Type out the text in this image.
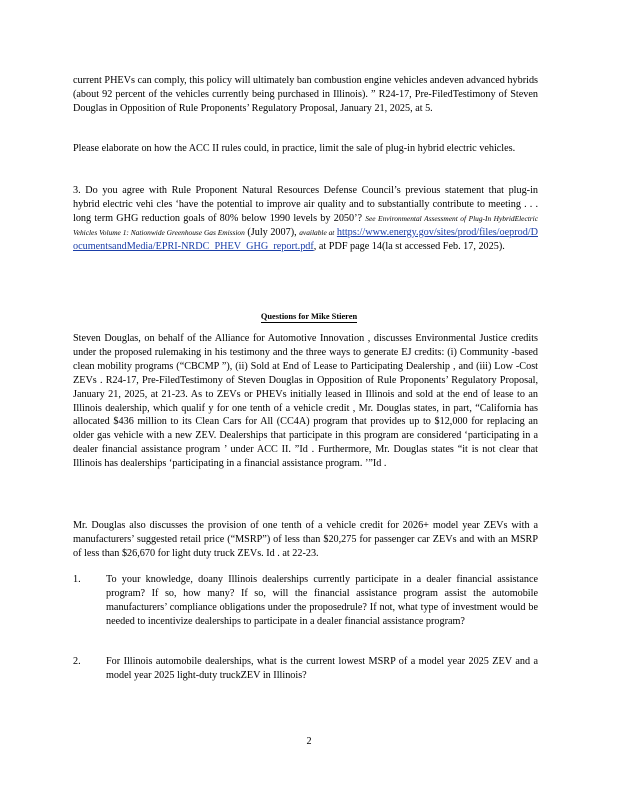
current PHEVs can comply, this policy will ultimately ban combustion engine vehicles andeven advanced hybrids (about 92 percent of the vehicles currently being purchased in Illinois). ” R24-17, Pre-FiledTestimony of Steven Douglas in Opposition of Rule Proponents’ Regulatory Proposal, January 21, 2025, at 5.

Please elaborate on how the ACC II rules could, in practice, limit the sale of plug-in hybrid electric vehicles.

3. Do you agree with Rule Proponent Natural Resources Defense Council’s previous statement that plug-in hybrid electric vehi cles ‘have the potential to improve air quality and to substantially contribute to meeting . . . long term GHG reduction goals of 80% below 1990 levels by 2050’? See Environmental Assessment of Plug-In HybridElectric Vehicles Volume 1: Nationwide Greenhouse Gas Emission (July 2007), available at https://www.energy.gov/sites/prod/files/oeprod/DocumentsandMedia/EPRI-NRDC_PHEV_GHG_report.pdf, at PDF page 14(la st accessed Feb. 17, 2025).

Questions for Mike Stieren

Steven Douglas, on behalf of the Alliance for Automotive Innovation , discusses Environmental Justice credits under the proposed rulemaking in his testimony and the three ways to generate EJ credits: (i) Community -based clean mobility programs (“CBCMP ”), (ii) Sold at End of Lease to Participating Dealership , and (iii) Low -Cost ZEVs . R24-17, Pre-FiledTestimony of Steven Douglas in Opposition of Rule Proponents’ Regulatory Proposal, January 21, 2025, at 21-23. As to ZEVs or PHEVs initially leased in Illinois and sold at the end of lease to an Illinois dealership, which qualif y for one tenth of a vehicle credit , Mr. Douglas states, in part, “California has allocated $436 million to its Clean Cars for All (CC4A) program that provides up to $12,000 for replacing an older gas vehicle with a new ZEV. Dealerships that participate in this program are considered ‘participating in a dealer financial assistance program ’ under ACC II. ”Id . Furthermore, Mr. Douglas states “it is not clear that Illinois has dealerships ‘participating in a financial assistance program. ’”Id .

Mr. Douglas also discusses the provision of one tenth of a vehicle credit for 2026+ model year ZEVs with a manufacturers’ suggested retail price (“MSRP”) of less than $20,275 for passenger car ZEVs and with an MSRP of less than $26,670 for light duty truck ZEVs. Id . at 22-23.

1.	To your knowledge, doany Illinois dealerships currently participate in a dealer financial assistance program? If so, how many? If so, will the financial assistance program assist the automobile manufacturers’ compliance obligations under the proposedrule? If not, what type of investment would be needed to incentivize dealerships to participate in a dealer financial assistance program?
2.	For Illinois automobile dealerships, what is the current lowest MSRP of a model year 2025 ZEV and a model year 2025 light-duty truckZEV in Illinois?
2
